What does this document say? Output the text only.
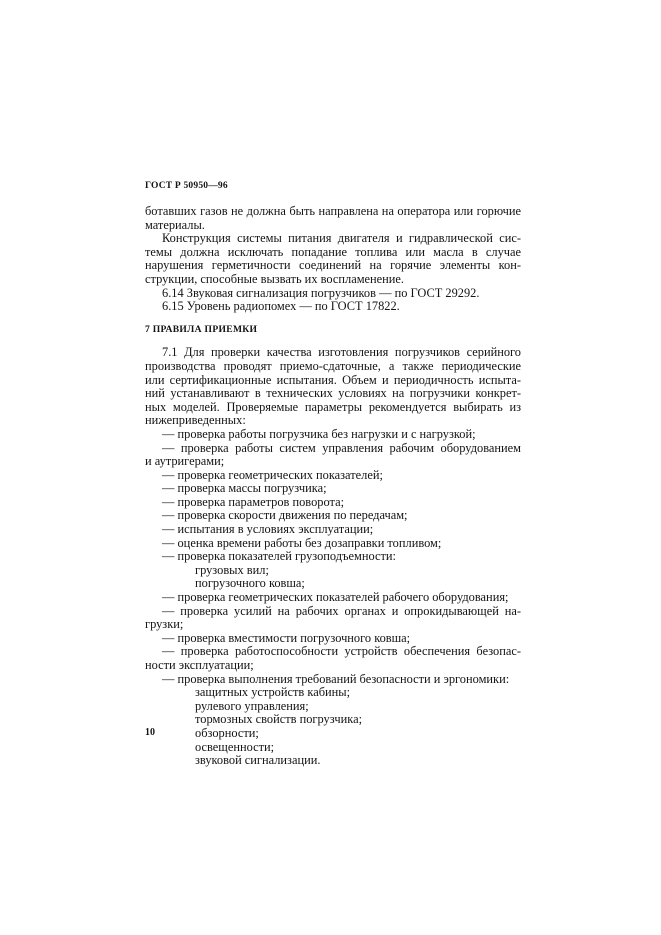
ГОСТ Р 50950—96

ботавших газов не должна быть направлена на оператора или горючие

материалы.

Конструкция системы питания двигателя и гидравлической сис-

темы должна исключать попадание топлива или масла в случае

нарушения герметичности соединений на горячие элементы кон-

струкции, способные вызвать их воспламенение.

6.14 Звуковая сигнализация погрузчиков — по ГОСТ 29292.

6.15 Уровень радиопомех — по ГОСТ 17822.

7 ПРАВИЛА ПРИЕМКИ

7.1 Для проверки качества изготовления погрузчиков серийного

производства проводят приемо-сдаточные, а также периодические

или сертификационные испытания. Объем и периодичность испыта-

ний устанавливают в технических условиях на погрузчики конкрет-

ных моделей. Проверяемые параметры рекомендуется выбирать из

нижеприведенных:

— проверка работы погрузчика без нагрузки и с нагрузкой;

— проверка работы систем управления рабочим оборудованием

и аутригерами;

— проверка геометрических показателей;

— проверка массы погрузчика;

— проверка параметров поворота;

— проверка скорости движения по передачам;

— испытания в условиях эксплуатации;

— оценка времени работы без дозаправки топливом;

— проверка показателей грузоподъемности:

грузовых вил;

погрузочного ковша;

— проверка геометрических показателей рабочего оборудования;

— проверка усилий на рабочих органах и опрокидывающей на-

грузки;

— проверка вместимости погрузочного ковша;

— проверка работоспособности устройств обеспечения безопас-

ности эксплуатации;

— проверка выполнения требований безопасности и эргономики:

защитных устройств кабины;

рулевого управления;

тормозных свойств погрузчика;

обзорности;

освещенности;

звуковой сигнализации.

10
